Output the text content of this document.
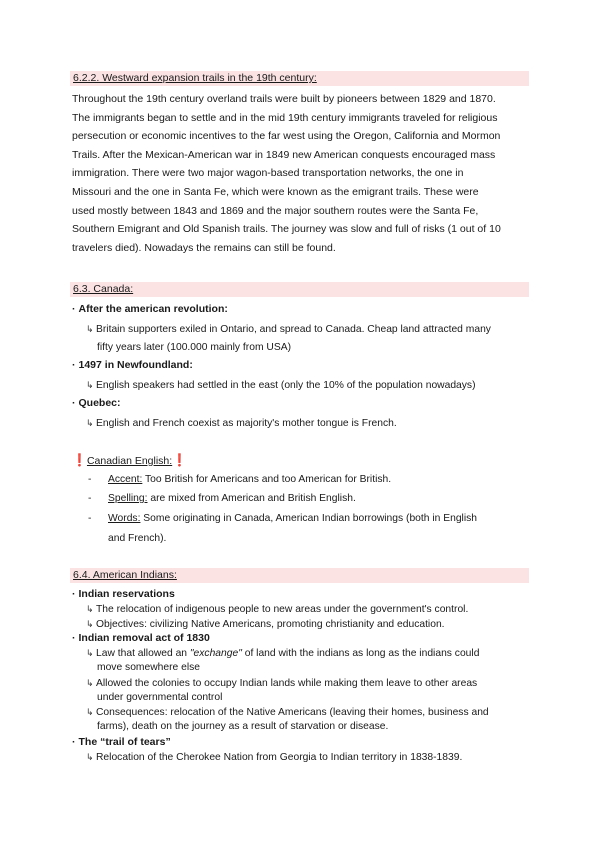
6.2.2. Westward expansion trails in the 19th century:
Throughout the 19th century overland trails were built by pioneers between 1829 and 1870.
The immigrants began to settle and in the mid 19th century immigrants traveled for religious
persecution or economic incentives to the far west using the Oregon, California and Mormon
Trails. After the Mexican-American war in 1849 new American conquests encouraged mass
immigration. There were two major wagon-based transportation networks, the one in
Missouri and the one in Santa Fe, which were known as the emigrant trails. These were
used mostly between 1843 and 1869 and the major southern routes were the Santa Fe,
Southern Emigrant and Old Spanish trails. The journey was slow and full of risks (1 out of 10
travelers died). Nowadays the remains can still be found.
6.3. Canada:
· After the american revolution:
↳ Britain supporters exiled in Ontario, and spread to Canada. Cheap land attracted many
fifty years later (100.000 mainly from USA)
· 1497 in Newfoundland:
↳ English speakers had settled in the east (only the 10% of the population nowadays)
· Quebec:
↳ English and French coexist as majority's mother tongue is French.
❗Canadian English:❗
- Accent: Too British for Americans and too American for British.
- Spelling: are mixed from American and British English.
- Words: Some originating in Canada, American Indian borrowings (both in English
and French).
6.4. American Indians:
· Indian reservations
↳ The relocation of indigenous people to new areas under the government's control.
↳ Objectives: civilizing Native Americans, promoting christianity and education.
· Indian removal act of 1830
↳ Law that allowed an "exchange" of land with the indians as long as the indians could
move somewhere else
↳ Allowed the colonies to occupy Indian lands while making them leave to other areas
under governmental control
↳ Consequences: relocation of the Native Americans (leaving their homes, business and
farms), death on the journey as a result of starvation or disease.
· The “trail of tears”
↳ Relocation of the Cherokee Nation from Georgia to Indian territory in 1838-1839.
